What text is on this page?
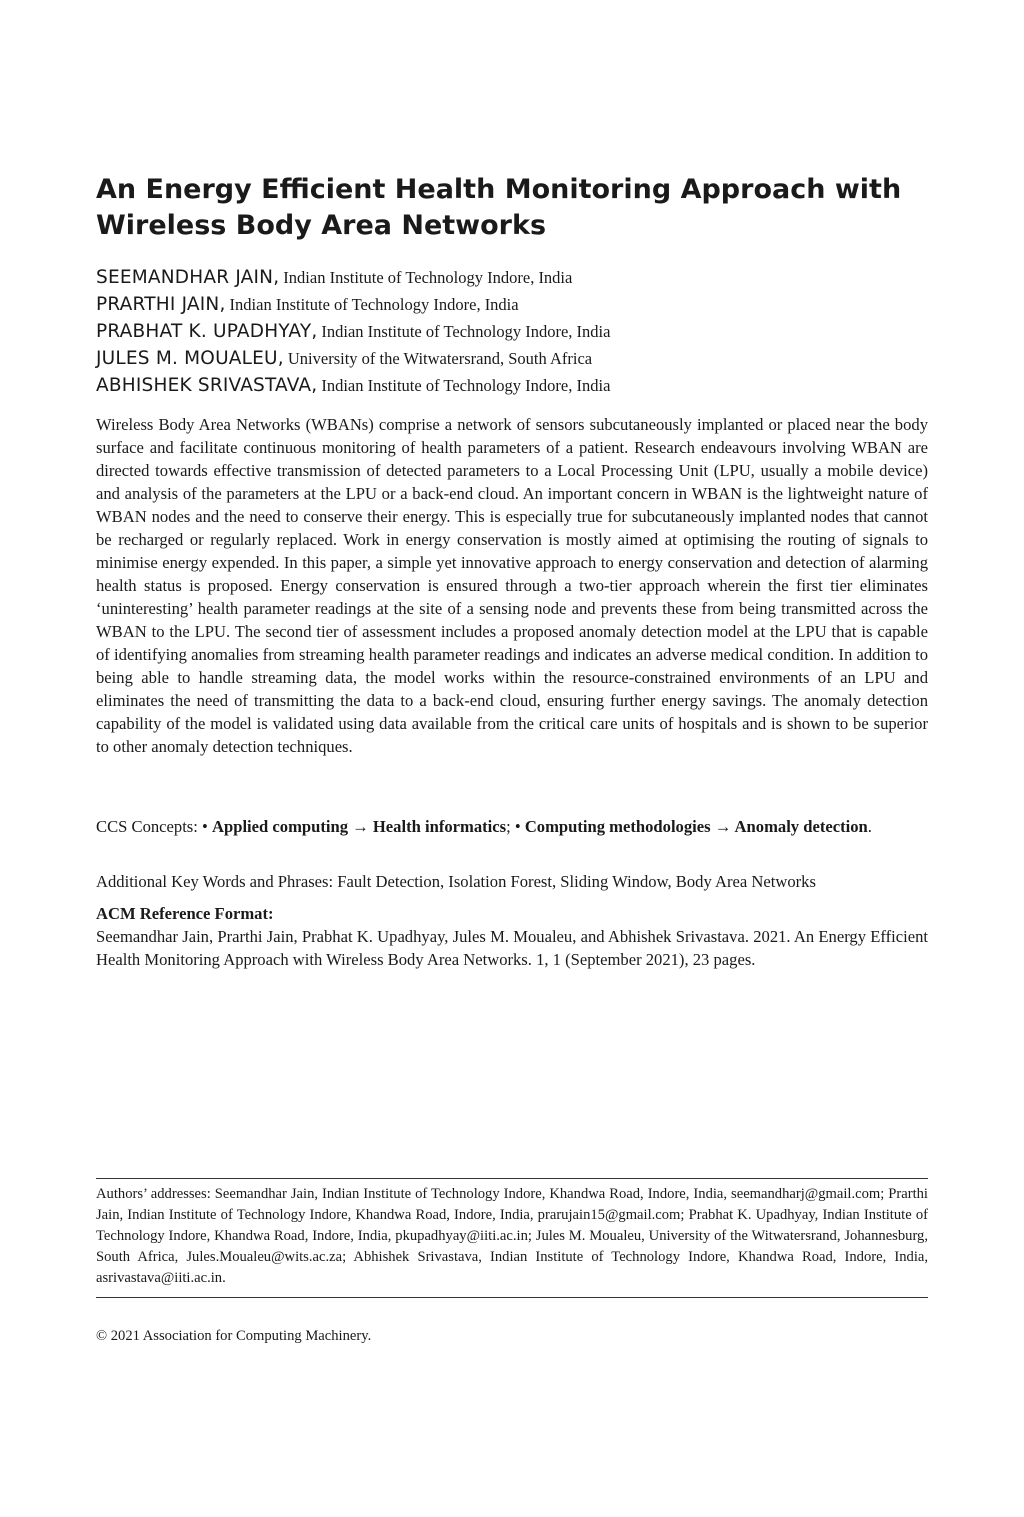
An Energy Efficient Health Monitoring Approach with
Wireless Body Area Networks
SEEMANDHAR JAIN, Indian Institute of Technology Indore, India
PRARTHI JAIN, Indian Institute of Technology Indore, India
PRABHAT K. UPADHYAY, Indian Institute of Technology Indore, India
JULES M. MOUALEU, University of the Witwatersrand, South Africa
ABHISHEK SRIVASTAVA, Indian Institute of Technology Indore, India

Wireless Body Area Networks (WBANs) comprise a network of sensors subcutaneously implanted or placed near the body surface and facilitate continuous monitoring of health parameters of a patient. Research endeavours involving WBAN are directed towards effective transmission of detected parameters to a Local Processing Unit (LPU, usually a mobile device) and analysis of the parameters at the LPU or a back-end cloud. An important concern in WBAN is the lightweight nature of WBAN nodes and the need to conserve their energy. This is especially true for subcutaneously implanted nodes that cannot be recharged or regularly replaced. Work in energy conservation is mostly aimed at optimising the routing of signals to minimise energy expended. In this paper, a simple yet innovative approach to energy conservation and detection of alarming health status is proposed. Energy conservation is ensured through a two-tier approach wherein the first tier eliminates ‘uninteresting’ health parameter readings at the site of a sensing node and prevents these from being transmitted across the WBAN to the LPU. The second tier of assessment includes a proposed anomaly detection model at the LPU that is capable of identifying anomalies from streaming health parameter readings and indicates an adverse medical condition. In addition to being able to handle streaming data, the model works within the resource-constrained environments of an LPU and eliminates the need of transmitting the data to a back-end cloud, ensuring further energy savings. The anomaly detection capability of the model is validated using data available from the critical care units of hospitals and is shown to be superior to other anomaly detection techniques.

CCS Concepts: • Applied computing → Health informatics; • Computing methodologies → Anomaly detection.

Additional Key Words and Phrases: Fault Detection, Isolation Forest, Sliding Window, Body Area Networks

ACM Reference Format:

Seemandhar Jain, Prarthi Jain, Prabhat K. Upadhyay, Jules M. Moualeu, and Abhishek Srivastava. 2021. An Energy Efficient Health Monitoring Approach with Wireless Body Area Networks. 1, 1 (September 2021), 23 pages.

Authors’ addresses: Seemandhar Jain, Indian Institute of Technology Indore, Khandwa Road, Indore, India, seemandharj@gmail.com; Prarthi Jain, Indian Institute of Technology Indore, Khandwa Road, Indore, India, prarujain15@gmail.com; Prabhat K. Upadhyay, Indian Institute of Technology Indore, Khandwa Road, Indore, India, pkupadhyay@iiti.ac.in; Jules M. Moualeu, University of the Witwatersrand, Johannesburg, South Africa, Jules.Moualeu@wits.ac.za; Abhishek Srivastava, Indian Institute of Technology Indore, Khandwa Road, Indore, India, asrivastava@iiti.ac.in.

© 2021 Association for Computing Machinery.
